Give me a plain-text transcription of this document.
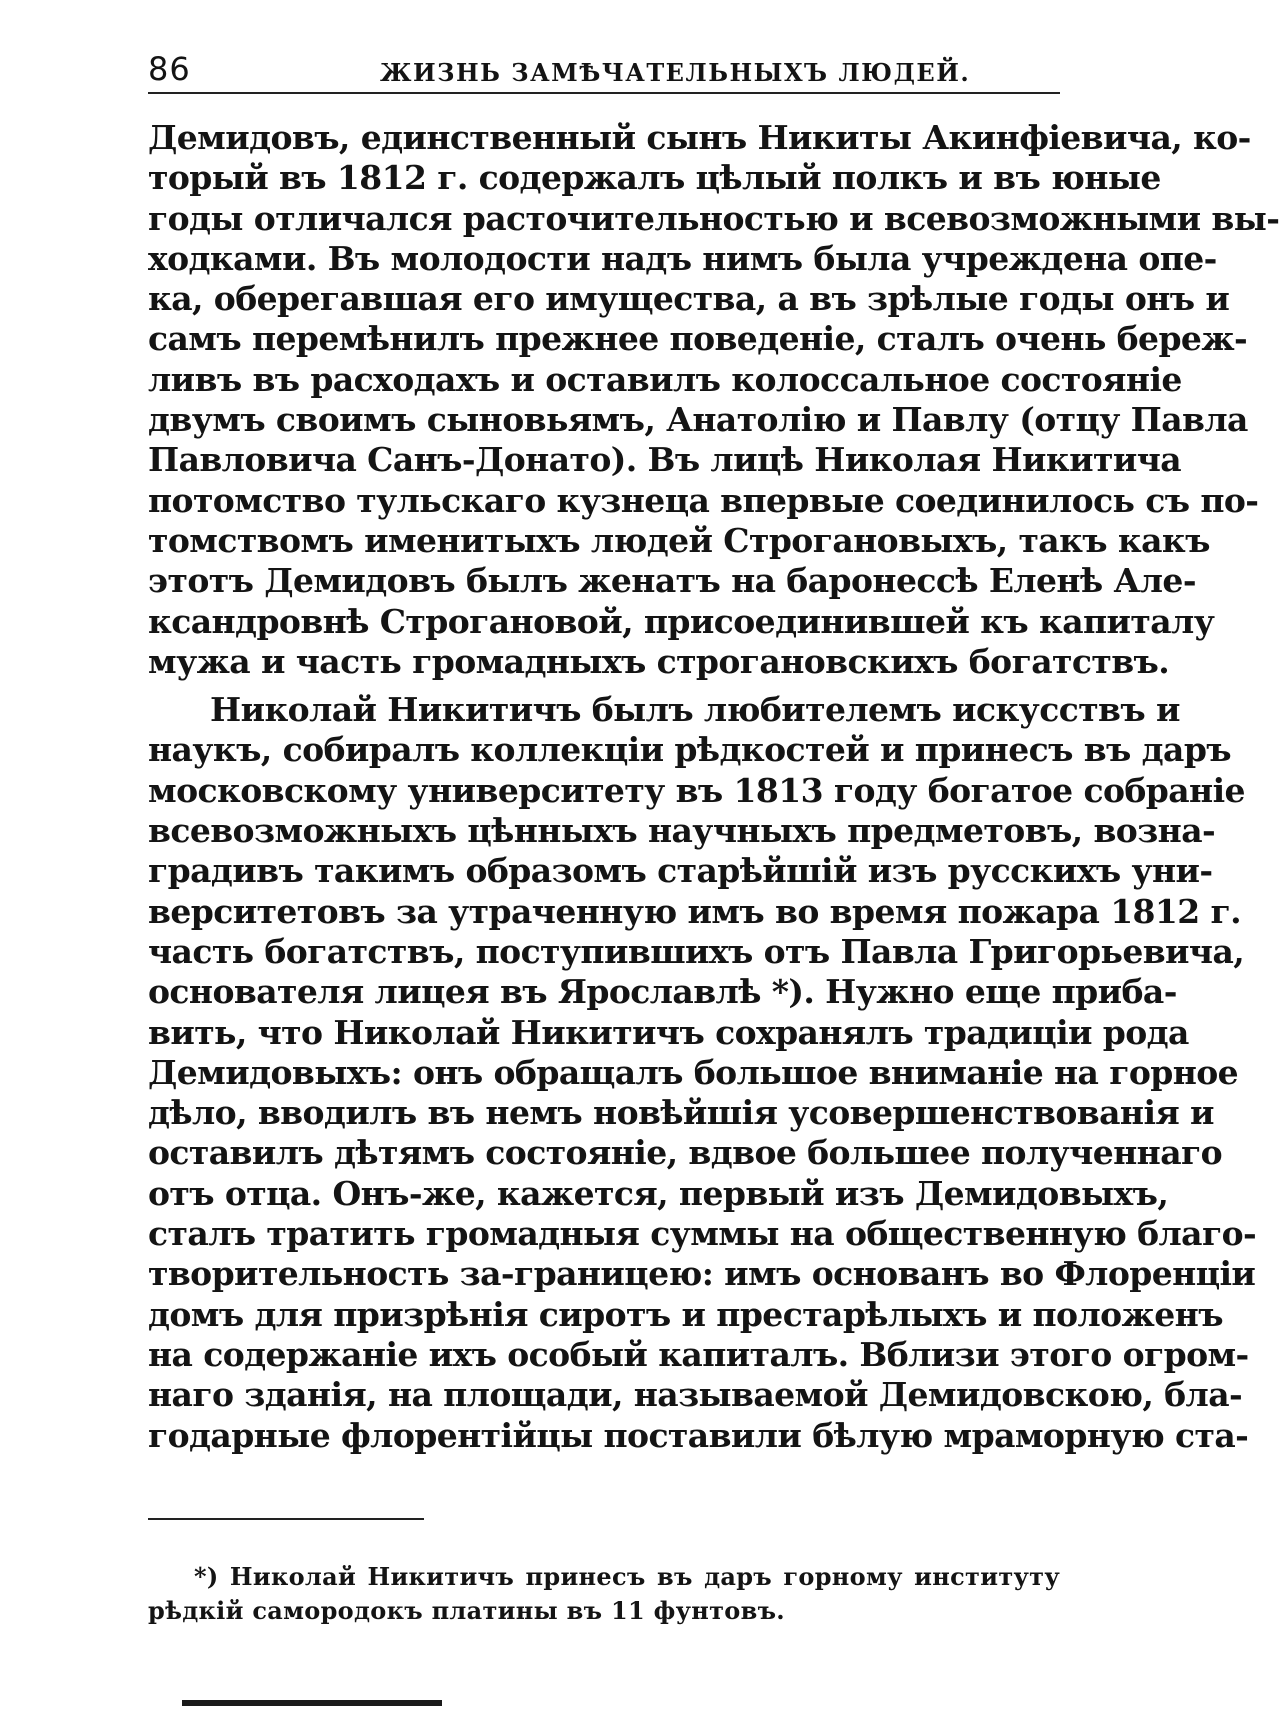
86	ЖИЗНЬ ЗАМѢЧАТЕЛЬНЫХЪ ЛЮДЕЙ.
Демидовъ, единственный сынъ Никиты Акинфіевича, ко-
торый въ 1812 г. содержалъ цѣлый полкъ и въ юные
годы отличался расточительностью и всевозможными вы-
ходками. Въ молодости надъ нимъ была учреждена опе-
ка, оберегавшая его имущества, а въ зрѣлые годы онъ и
самъ перемѣнилъ прежнее поведеніе, сталъ очень береж-
ливъ въ расходахъ и оставилъ колоссальное состояніе
двумъ своимъ сыновьямъ, Анатолію и Павлу (отцу Павла
Павловича Санъ-Донато). Въ лицѣ Николая Никитича
потомство тульскаго кузнеца впервые соединилось съ по-
томствомъ именитыхъ людей Строгановыхъ, такъ какъ
этотъ Демидовъ былъ женатъ на баронессѣ Еленѣ Але-
ксандровнѣ Строгановой, присоединившей къ капиталу
мужа и часть громадныхъ строгановскихъ богатствъ.
Николай Никитичъ былъ любителемъ искусствъ и
наукъ, собиралъ коллекціи рѣдкостей и принесъ въ даръ
московскому университету въ 1813 году богатое собраніе
всевозможныхъ цѣнныхъ научныхъ предметовъ, возна-
градивъ такимъ образомъ старѣйшій изъ русскихъ уни-
верситетовъ за утраченную имъ во время пожара 1812 г.
часть богатствъ, поступившихъ отъ Павла Григорьевича,
основателя лицея въ Ярославлѣ *). Нужно еще приба-
вить, что Николай Никитичъ сохранялъ традиціи рода
Демидовыхъ: онъ обращалъ большое вниманіе на горное
дѣло, вводилъ въ немъ новѣйшія усовершенствованія и
оставилъ дѣтямъ состояніе, вдвое большее полученнаго
отъ отца. Онъ-же, кажется, первый изъ Демидовыхъ,
сталъ тратить громадныя суммы на общественную благо-
творительность за-границею: имъ основанъ во Флоренціи
домъ для призрѣнія сиротъ и престарѣлыхъ и положенъ
на содержаніе ихъ особый капиталъ. Вблизи этого огром-
наго зданія, на площади, называемой Демидовскою, бла-
годарные флорентійцы поставили бѣлую мраморную ста-
*) Николай Никитичъ принесъ въ даръ горному институту
рѣдкій самородокъ платины въ 11 фунтовъ.
